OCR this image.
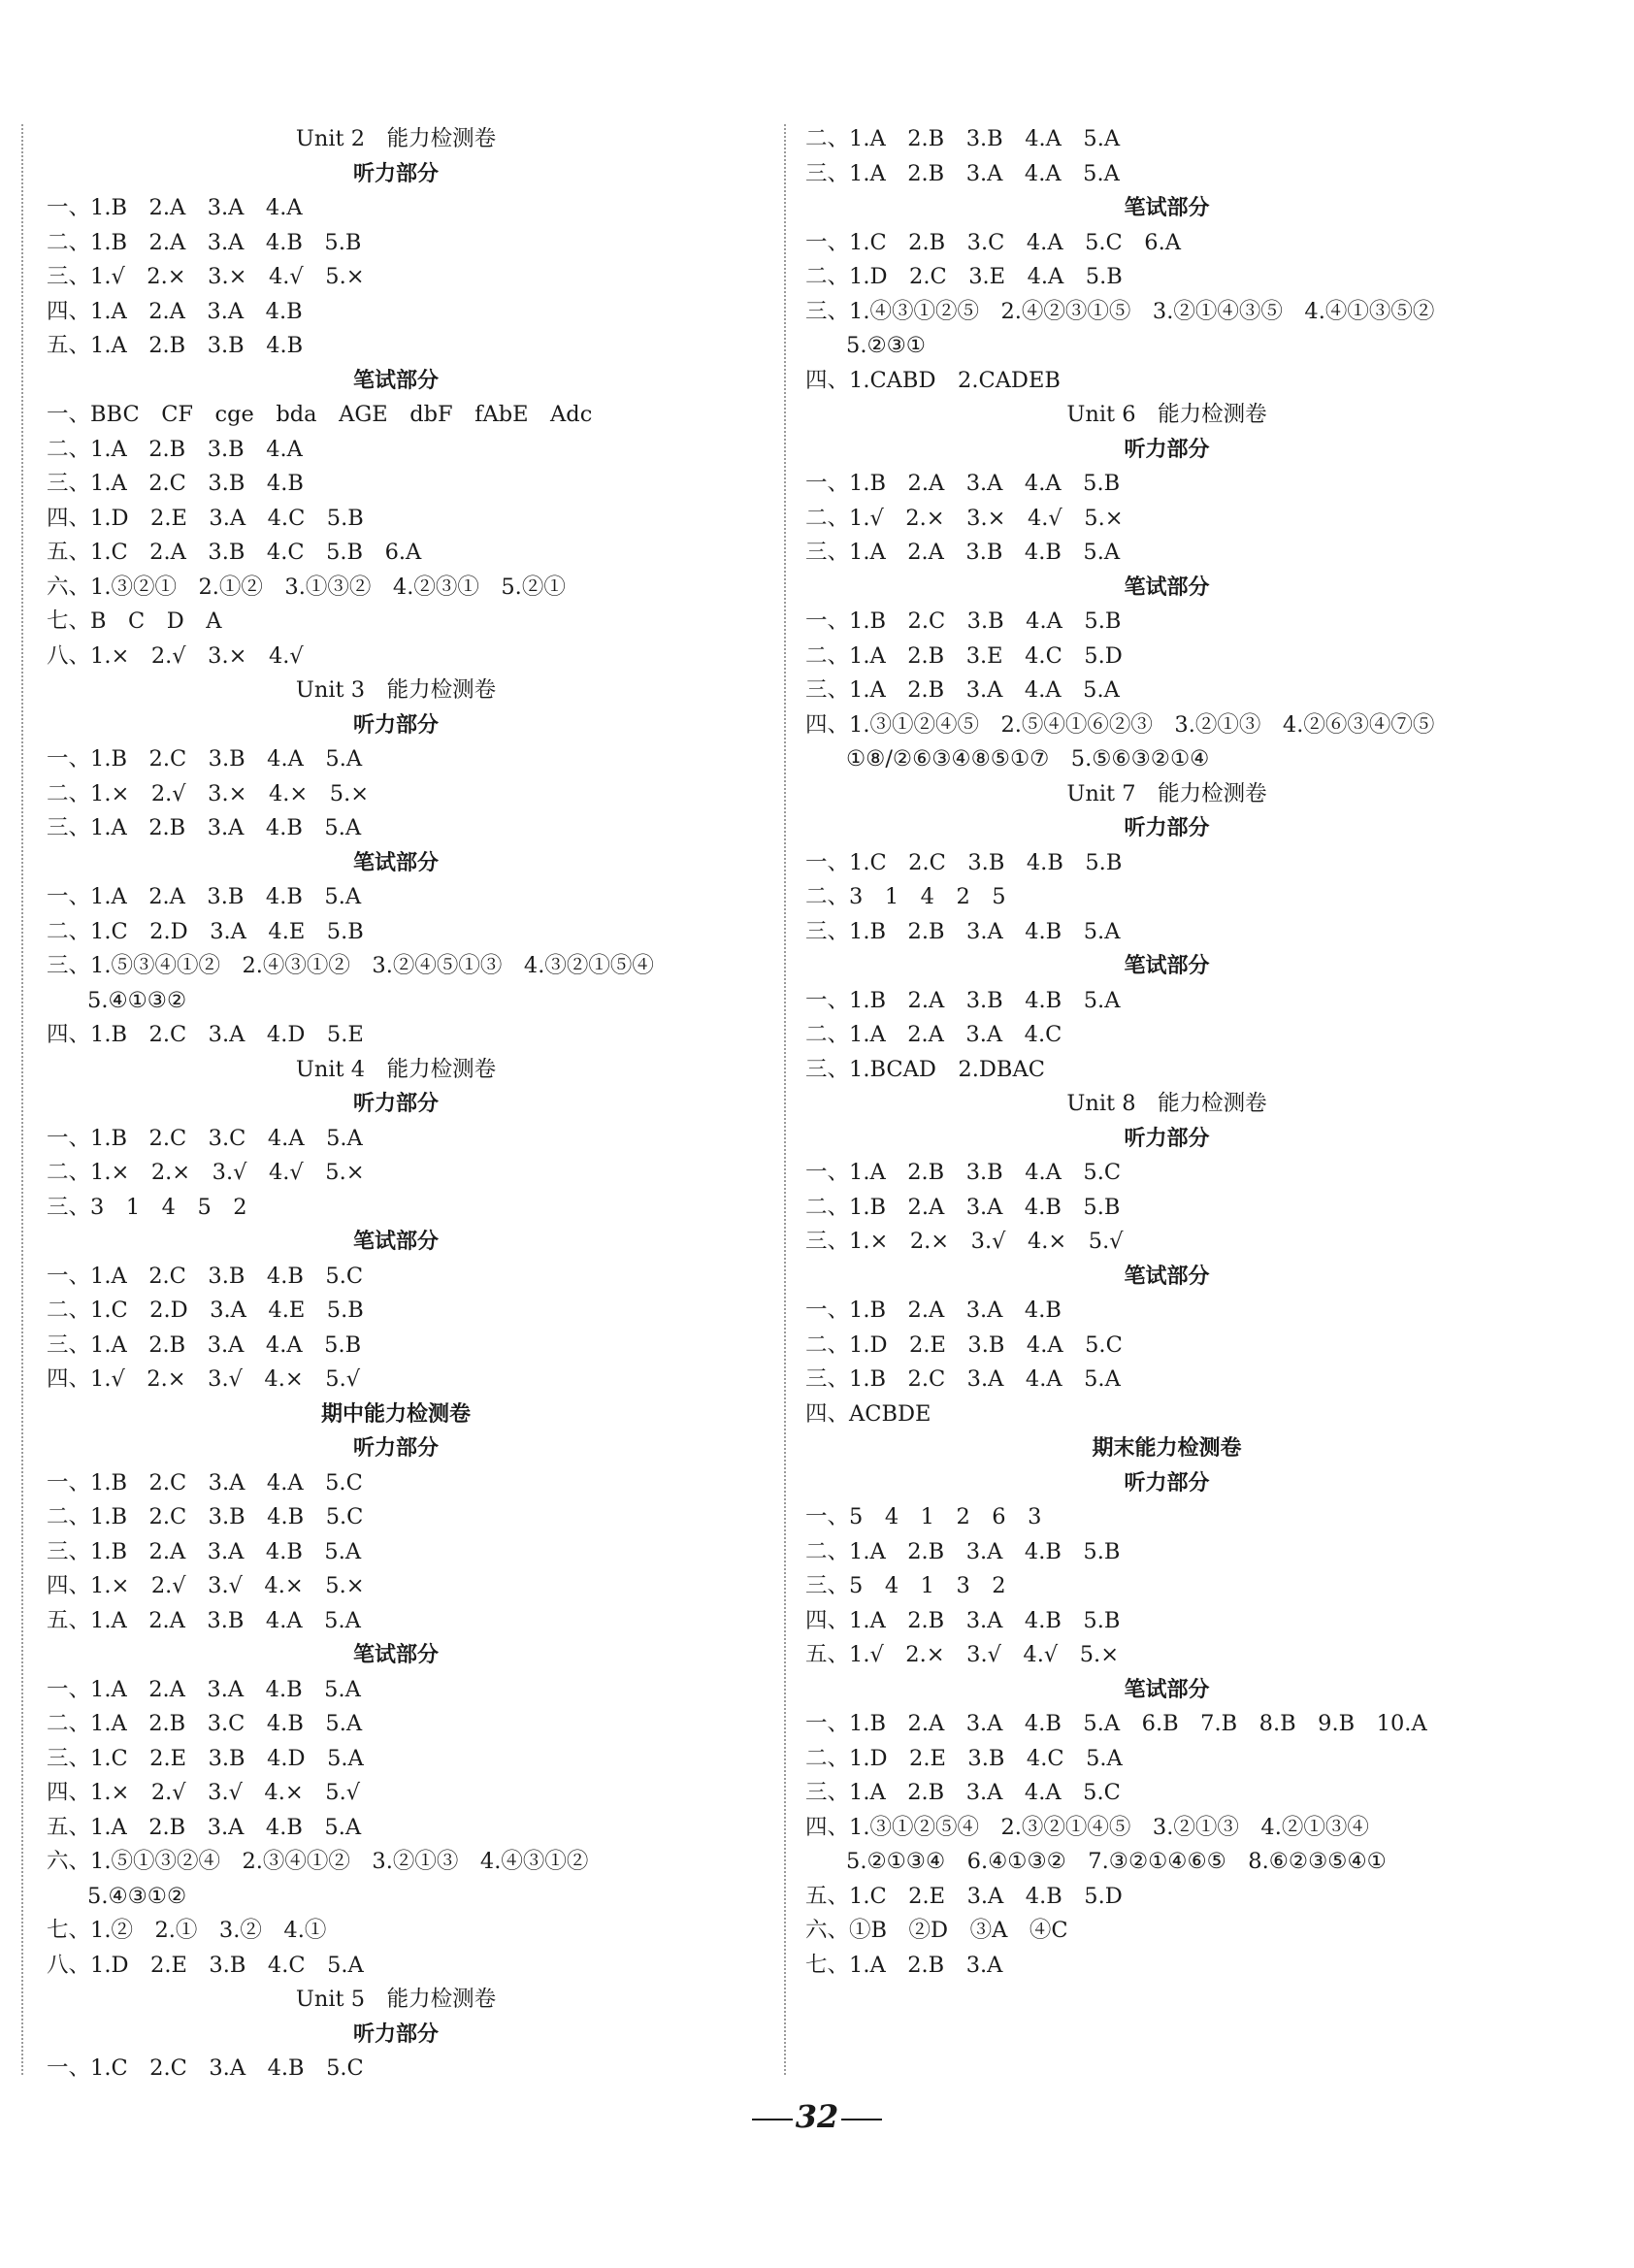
Unit 2　能力检测卷
听力部分
一、1.B　2.A　3.A　4.A
二、1.B　2.A　3.A　4.B　5.B
三、1.√　2.×　3.×　4.√　5.×
四、1.A　2.A　3.A　4.B
五、1.A　2.B　3.B　4.B
笔试部分
一、BBC　CF　cge　bda　AGE　dbF　fAbE　Adc
二、1.A　2.B　3.B　4.A
三、1.A　2.C　3.B　4.B
四、1.D　2.E　3.A　4.C　5.B
五、1.C　2.A　3.B　4.C　5.B　6.A
六、1.③②①　2.①②　3.①③②　4.②③①　5.②①
七、B　C　D　A
八、1.×　2.√　3.×　4.√
Unit 3　能力检测卷
听力部分
一、1.B　2.C　3.B　4.A　5.A
二、1.×　2.√　3.×　4.×　5.×
三、1.A　2.B　3.A　4.B　5.A
笔试部分
一、1.A　2.A　3.B　4.B　5.A
二、1.C　2.D　3.A　4.E　5.B
三、1.⑤③④①②　2.④③①②　3.②④⑤①③　4.③②①⑤④
5.④①③②
四、1.B　2.C　3.A　4.D　5.E
Unit 4　能力检测卷
听力部分
一、1.B　2.C　3.C　4.A　5.A
二、1.×　2.×　3.√　4.√　5.×
三、3　1　4　5　2
笔试部分
一、1.A　2.C　3.B　4.B　5.C
二、1.C　2.D　3.A　4.E　5.B
三、1.A　2.B　3.A　4.A　5.B
四、1.√　2.×　3.√　4.×　5.√
期中能力检测卷
听力部分
一、1.B　2.C　3.A　4.A　5.C
二、1.B　2.C　3.B　4.B　5.C
三、1.B　2.A　3.A　4.B　5.A
四、1.×　2.√　3.√　4.×　5.×
五、1.A　2.A　3.B　4.A　5.A
笔试部分
一、1.A　2.A　3.A　4.B　5.A
二、1.A　2.B　3.C　4.B　5.A
三、1.C　2.E　3.B　4.D　5.A
四、1.×　2.√　3.√　4.×　5.√
五、1.A　2.B　3.A　4.B　5.A
六、1.⑤①③②④　2.③④①②　3.②①③　4.④③①②
5.④③①②
七、1.②　2.①　3.②　4.①
八、1.D　2.E　3.B　4.C　5.A
Unit 5　能力检测卷
听力部分
一、1.C　2.C　3.A　4.B　5.C
二、1.A　2.B　3.B　4.A　5.A
三、1.A　2.B　3.A　4.A　5.A
笔试部分
一、1.C　2.B　3.C　4.A　5.C　6.A
二、1.D　2.C　3.E　4.A　5.B
三、1.④③①②⑤　2.④②③①⑤　3.②①④③⑤　4.④①③⑤②
5.②③①
四、1.CABD　2.CADEB
Unit 6　能力检测卷
听力部分
一、1.B　2.A　3.A　4.A　5.B
二、1.√　2.×　3.×　4.√　5.×
三、1.A　2.A　3.B　4.B　5.A
笔试部分
一、1.B　2.C　3.B　4.A　5.B
二、1.A　2.B　3.E　4.C　5.D
三、1.A　2.B　3.A　4.A　5.A
四、1.③①②④⑤　2.⑤④①⑥②③　3.②①③　4.②⑥③④⑦⑤
①⑧/②⑥③④⑧⑤①⑦　5.⑤⑥③②①④
Unit 7　能力检测卷
听力部分
一、1.C　2.C　3.B　4.B　5.B
二、3　1　4　2　5
三、1.B　2.B　3.A　4.B　5.A
笔试部分
一、1.B　2.A　3.B　4.B　5.A
二、1.A　2.A　3.A　4.C
三、1.BCAD　2.DBAC
Unit 8　能力检测卷
听力部分
一、1.A　2.B　3.B　4.A　5.C
二、1.B　2.A　3.A　4.B　5.B
三、1.×　2.×　3.√　4.×　5.√
笔试部分
一、1.B　2.A　3.A　4.B
二、1.D　2.E　3.B　4.A　5.C
三、1.B　2.C　3.A　4.A　5.A
四、ACBDE
期末能力检测卷
听力部分
一、5　4　1　2　6　3
二、1.A　2.B　3.A　4.B　5.B
三、5　4　1　3　2
四、1.A　2.B　3.A　4.B　5.B
五、1.√　2.×　3.√　4.√　5.×
笔试部分
一、1.B　2.A　3.A　4.B　5.A　6.B　7.B　8.B　9.B　10.A
二、1.D　2.E　3.B　4.C　5.A
三、1.A　2.B　3.A　4.A　5.C
四、1.③①②⑤④　2.③②①④⑤　3.②①③　4.②①③④
5.②①③④　6.④①③②　7.③②①④⑥⑤　8.⑥②③⑤④①
五、1.C　2.E　3.A　4.B　5.D
六、①B　②D　③A　④C
七、1.A　2.B　3.A
32
